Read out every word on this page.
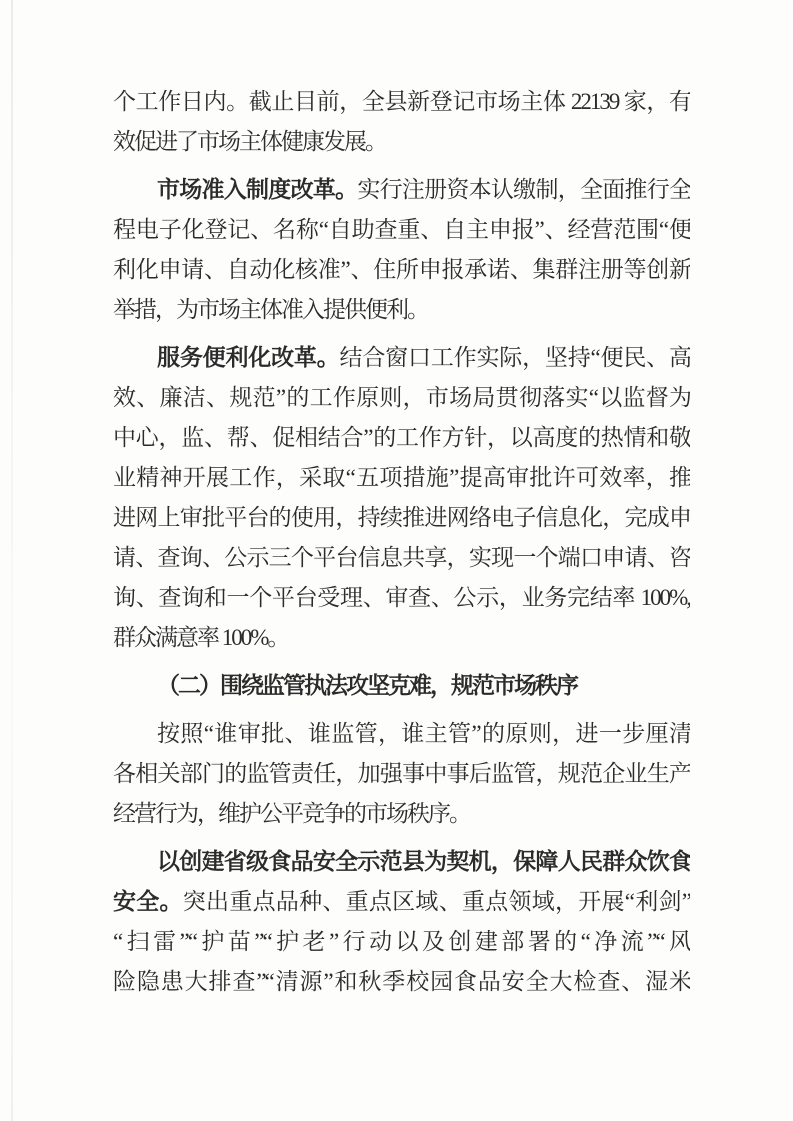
个工作日内。截止目前，全县新登记市场主体 22139 家，有
效促进了市场主体健康发展。
市场准入制度改革。实行注册资本认缴制，全面推行全
程电子化登记、名称“自助查重、自主申报”、经营范围“便
利化申请、自动化核准”、住所申报承诺、集群注册等创新
举措，为市场主体准入提供便利。
服务便利化改革。结合窗口工作实际，坚持“便民、高
效、廉洁、规范”的工作原则，市场局贯彻落实“以监督为
中心，监、帮、促相结合”的工作方针，以高度的热情和敬
业精神开展工作，采取“五项措施”提高审批许可效率，推
进网上审批平台的使用，持续推进网络电子信息化，完成申
请、查询、公示三个平台信息共享，实现一个端口申请、咨
询、查询和一个平台受理、审查、公示，业务完结率 100%,
群众满意率 100%。
（二）围绕监管执法攻坚克难，规范市场秩序
按照“谁审批、谁监管，谁主管”的原则，进一步厘清
各相关部门的监管责任，加强事中事后监管，规范企业生产
经营行为，维护公平竞争的市场秩序。
以创建省级食品安全示范县为契机，保障人民群众饮食
安全。突出重点品种、重点区域、重点领域，开展“利剑”
“扫雷”“护苗”“护老”行动以及创建部署的“净流”“风
险隐患大排查”“清源”和秋季校园食品安全大检查、湿米
